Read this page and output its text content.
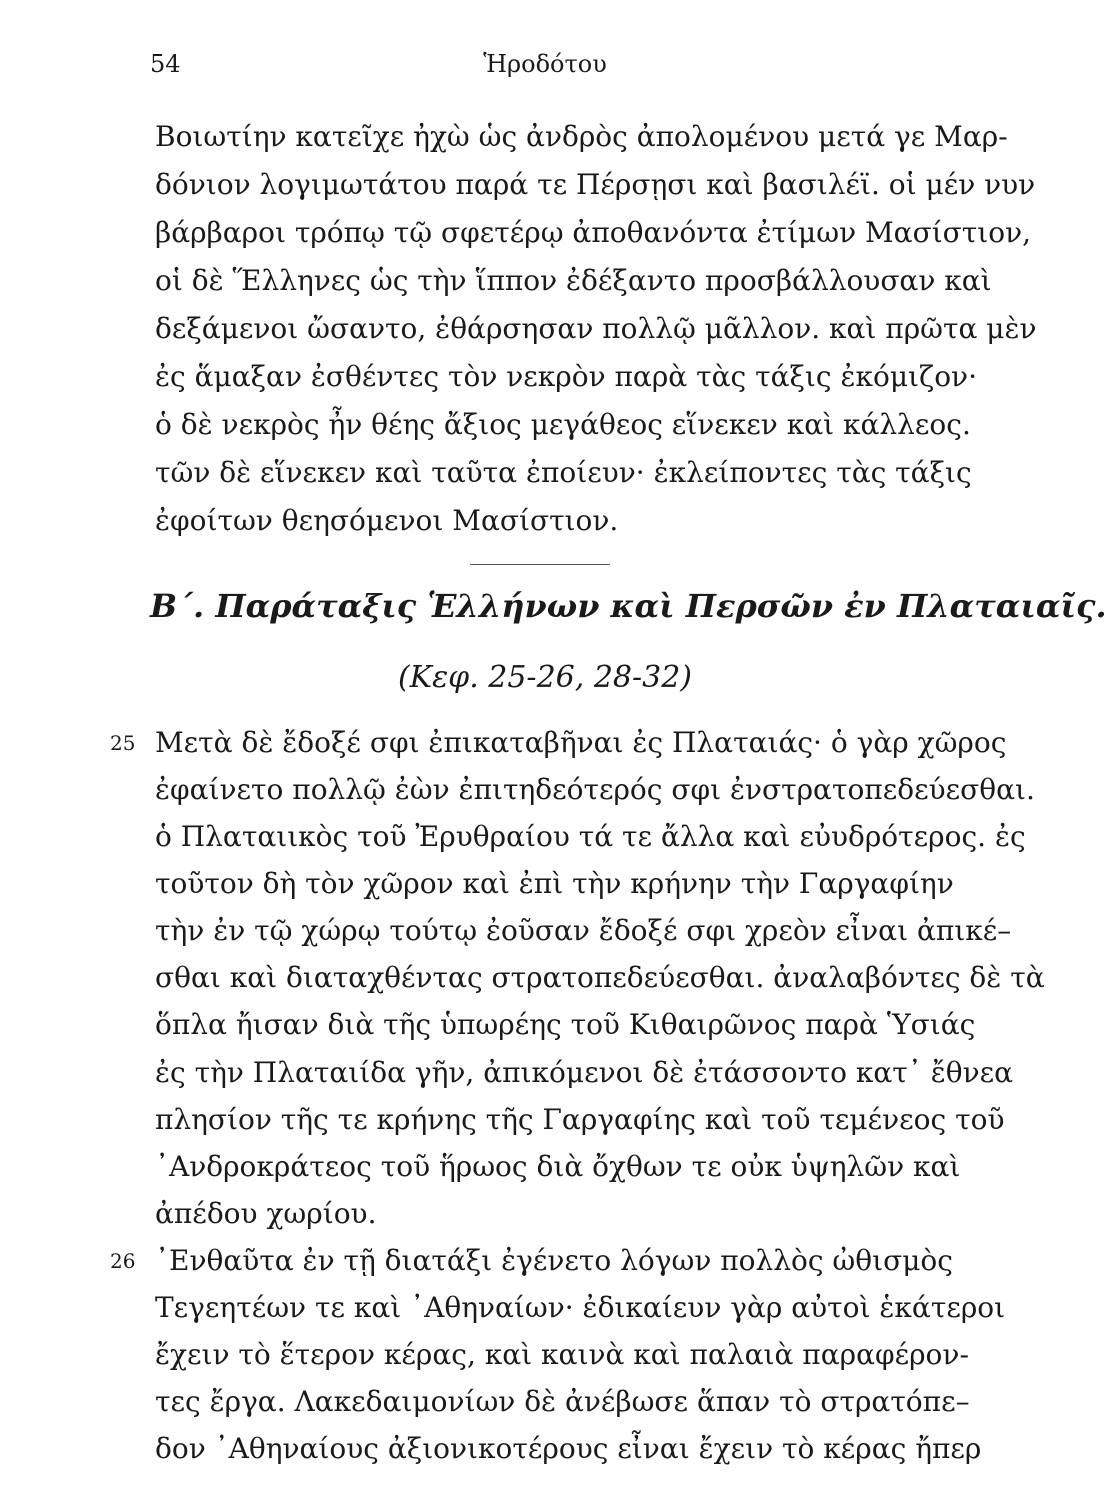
54	Ἡροδότου
Βοιωτίην κατεῖχε ἠχὼ ὡς ἀνδρὸς ἀπολομένου μετά γε Μαρ-
δόνιον λογιμωτάτου παρά τε Πέρσῃσι καὶ βασιλέϊ. οἱ μέν νυν
βάρβαροι τρόπῳ τῷ σφετέρῳ ἀποθανόντα ἐτίμων Μασίστιον,
οἱ δὲ Ἕλληνες ὡς τὴν ἵππον ἐδέξαντο προσβάλλουσαν καὶ
δεξάμενοι ὤσαντο, ἐθάρσησαν πολλῷ μᾶλλον. καὶ πρῶτα μὲν
ἐς ἅμαξαν ἐσθέντες τὸν νεκρὸν παρὰ τὰς τάξις ἐκόμιζον·
ὁ δὲ νεκρὸς ἦν θέης ἄξιος μεγάθεος εἵνεκεν καὶ κάλλεος.
τῶν δὲ εἵνεκεν καὶ ταῦτα ἐποίευν· ἐκλείποντες τὰς τάξις
ἐφοίτων θεησόμενοι Μασίστιον.
Β΄. Παράταξις Ἑλλήνων καὶ Περσῶν ἐν Πλαταιαῖς.
(Κεφ. 25-26, 28-32)
25 Μετὰ δὲ ἔδοξέ σφι ἐπικαταβῆναι ἐς Πλαταιάς· ὁ γὰρ χῶρος
ἐφαίνετο πολλῷ ἐὼν ἐπιτηδεότερός σφι ἐνστρατοπεδεύεσθαι.
ὁ Πλαταιικὸς τοῦ Ἐρυθραίου τά τε ἄλλα καὶ εὐυδρότερος. ἐς
τοῦτον δὴ τὸν χῶρον καὶ ἐπὶ τὴν κρήνην τὴν Γαργαφίην
τὴν ἐν τῷ χώρῳ τούτῳ ἐοῦσαν ἔδοξέ σφι χρεὸν εἶναι ἀπικέ–
σθαι καὶ διαταχθέντας στρατοπεδεύεσθαι. ἀναλαβόντες δὲ τὰ
ὅπλα ἤισαν διὰ τῆς ὑπωρέης τοῦ Κιθαιρῶνος παρὰ Ὑσιάς
ἐς τὴν Πλαταιίδα γῆν, ἀπικόμενοι δὲ ἐτάσσοντο κατ᾽ ἔθνεα
πλησίον τῆς τε κρήνης τῆς Γαργαφίης καὶ τοῦ τεμένεος τοῦ
᾽Ανδροκράτεος τοῦ ἥρωος διὰ ὄχθων τε οὐκ ὑψηλῶν καὶ
ἀπέδου χωρίου.
26 ᾽Ενθαῦτα ἐν τῇ διατάξι ἐγένετο λόγων πολλὸς ὠθισμὸς
Τεγεητέων τε καὶ ᾽Αθηναίων· ἐδικαίευν γὰρ αὐτοὶ ἑκάτεροι
ἔχειν τὸ ἕτερον κέρας, καὶ καινὰ καὶ παλαιὰ παραφέρον-
τες ἔργα. Λακεδαιμονίων δὲ ἀνέβωσε ἅπαν τὸ στρατόπε–
δον ᾽Αθηναίους ἀξιονικοτέρους εἶναι ἔχειν τὸ κέρας ἤπερ
